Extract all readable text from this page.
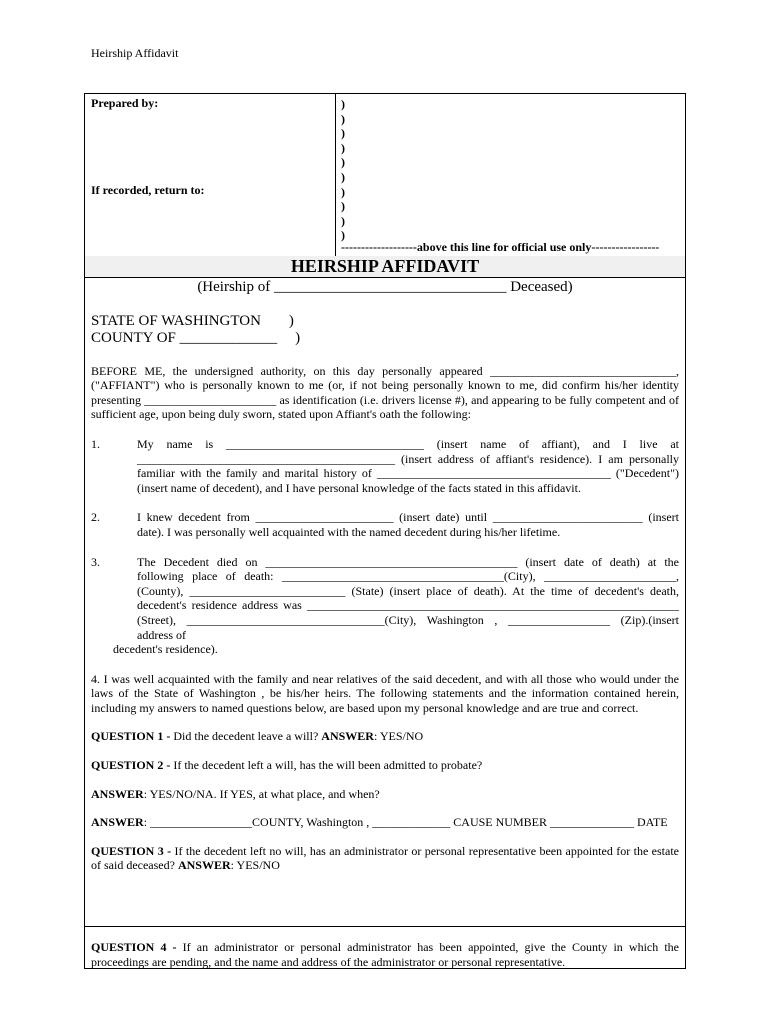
Heirship Affidavit
Prepared by:
If recorded, return to:
)
)
)
)
)
)
)
)
)
)
-------------------above this line for official use only-----------------
HEIRSHIP AFFIDAVIT
(Heirship of _______________________________ Deceased)
STATE OF WASHINGTON )
COUNTY OF _____________ )

BEFORE ME, the undersigned authority, on this day personally appeared _______________________________, ("AFFIANT") who is personally known to me (or, if not being personally known to me, did confirm his/her identity presenting ______________________ as identification (i.e. drivers license #), and appearing to be fully competent and of sufficient age, upon being duly sworn, stated upon Affiant's oath the following:

1.	My name is _________________________________ (insert name of affiant), and I live at ___________________________________________ (insert address of affiant's residence). I am personally familiar with the family and marital history of _______________________________________ ("Decedent") (insert name of decedent), and I have personal knowledge of the facts stated in this affidavit.
2.	I knew decedent from _______________________ (insert date) until _________________________ (insert date). I was personally well acquainted with the named decedent during his/her lifetime.
3.	The Decedent died on __________________________________________ (insert date of death) at the following place of death: _____________________________________(City), ______________________, (County), __________________________ (State) (insert place of death). At the time of decedent's death, decedent's residence address was ______________________________________________________________ (Street), _________________________________(City), Washington , _________________ (Zip).(insert address of

decedent's residence).

4. I was well acquainted with the family and near relatives of the said decedent, and with all those who would under the laws of the State of Washington , be his/her heirs. The following statements and the information contained herein, including my answers to named questions below, are based upon my personal knowledge and are true and correct.

QUESTION 1 - Did the decedent leave a will? ANSWER: YES/NO

QUESTION 2 - If the decedent left a will, has the will been admitted to probate?

ANSWER: YES/NO/NA. If YES, at what place, and when?

ANSWER: _________________COUNTY, Washington , _____________ CAUSE NUMBER ______________ DATE

QUESTION 3 - If the decedent left no will, has an administrator or personal representative been appointed for the estate of said deceased? ANSWER: YES/NO

QUESTION 4 - If an administrator or personal administrator has been appointed, give the County in which the proceedings are pending, and the name and address of the administrator or personal representative.
